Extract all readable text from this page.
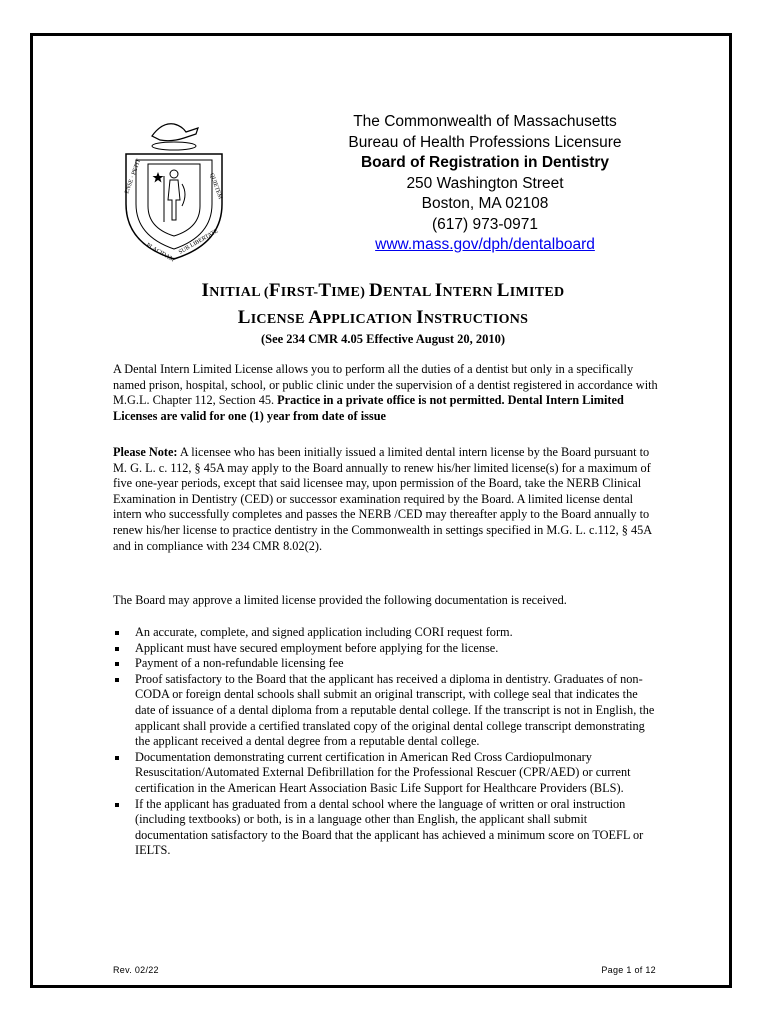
ENSE · PETIT	QUIETEM
PLACIDAM SUB LIBERTATE
The Commonwealth of Massachusetts
Bureau of Health Professions Licensure
Board of Registration in Dentistry
250 Washington Street
Boston, MA 02108
(617) 973-0971
www.mass.gov/dph/dentalboard
INITIAL (FIRST-TIME) DENTAL INTERN LIMITED
LICENSE APPLICATION INSTRUCTIONS
(See 234 CMR 4.05 Effective August 20, 2010)
A Dental Intern Limited License allows you to perform all the duties of a dentist but only in a specifically named prison, hospital, school, or public clinic under the supervision of a dentist registered in accordance with M.G.L. Chapter 112, Section 45. Practice in a private office is not permitted. Dental Intern Limited Licenses are valid for one (1) year from date of issue
Please Note: A licensee who has been initially issued a limited dental intern license by the Board pursuant to M. G. L. c. 112, § 45A may apply to the Board annually to renew his/her limited license(s) for a maximum of five one-year periods, except that said licensee may, upon permission of the Board, take the NERB Clinical Examination in Dentistry (CED) or successor examination required by the Board. A limited license dental intern who successfully completes and passes the NERB /CED may thereafter apply to the Board annually to renew his/her license to practice dentistry in the Commonwealth in settings specified in M.G. L. c.112, § 45A and in compliance with 234 CMR 8.02(2).
The Board may approve a limited license provided the following documentation is received.
An accurate, complete, and signed application including CORI request form.
Applicant must have secured employment before applying for the license.
Payment of a non-refundable licensing fee
Proof satisfactory to the Board that the applicant has received a diploma in dentistry. Graduates of non-CODA or foreign dental schools shall submit an original transcript, with college seal that indicates the date of issuance of a dental diploma from a reputable dental college. If the transcript is not in English, the applicant shall provide a certified translated copy of the original dental college transcript demonstrating the applicant received a dental degree from a reputable dental college.
Documentation demonstrating current certification in American Red Cross Cardiopulmonary Resuscitation/Automated External Defibrillation for the Professional Rescuer (CPR/AED) or current certification in the American Heart Association Basic Life Support for Healthcare Providers (BLS).
If the applicant has graduated from a dental school where the language of written or oral instruction (including textbooks) or both, is in a language other than English, the applicant shall submit documentation satisfactory to the Board that the applicant has achieved a minimum score on TOEFL or IELTS.
Rev. 02/22	Page 1 of 12
